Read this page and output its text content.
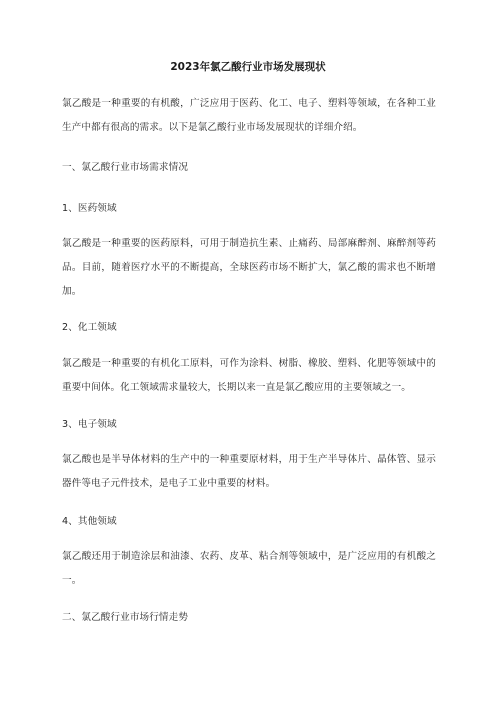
2023年氯乙酸行业市场发展现状
氯乙酸是一种重要的有机酸，广泛应用于医药、化工、电子、塑料等领域，在各种工业生产中都有很高的需求。以下是氯乙酸行业市场发展现状的详细介绍。
一、氯乙酸行业市场需求情况
1、医药领域
氯乙酸是一种重要的医药原料，可用于制造抗生素、止痛药、局部麻醉剂、麻醉剂等药品。目前，随着医疗水平的不断提高，全球医药市场不断扩大，氯乙酸的需求也不断增加。
2、化工领域
氯乙酸是一种重要的有机化工原料，可作为涂料、树脂、橡胶、塑料、化肥等领域中的重要中间体。化工领域需求量较大，长期以来一直是氯乙酸应用的主要领域之一。
3、电子领域
氯乙酸也是半导体材料的生产中的一种重要原材料，用于生产半导体片、晶体管、显示器件等电子元件技术，是电子工业中重要的材料。
4、其他领域
氯乙酸还用于制造涂层和油漆、农药、皮革、粘合剂等领域中，是广泛应用的有机酸之一。
二、氯乙酸行业市场行情走势
